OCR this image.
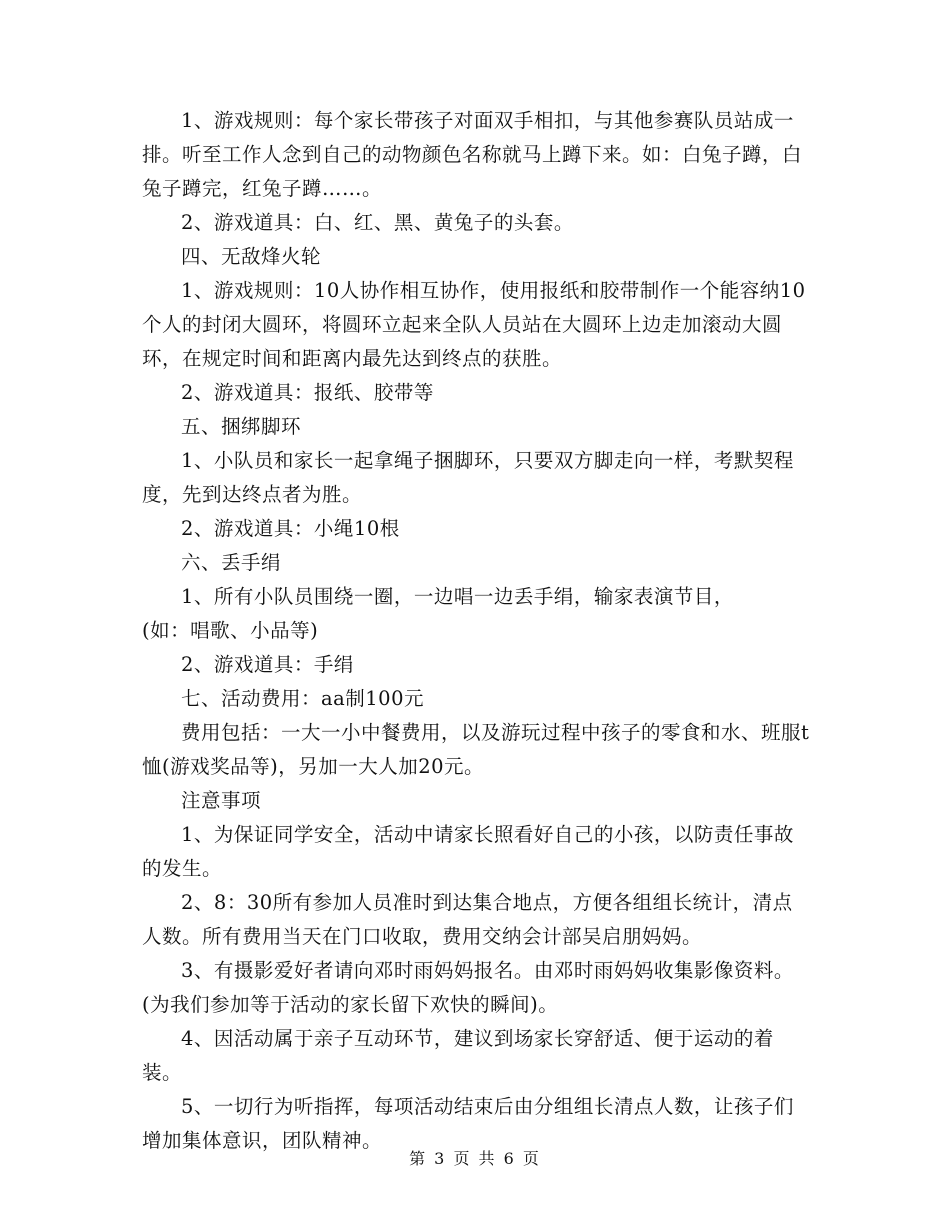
1、游戏规则：每个家长带孩子对面双手相扣，与其他参赛队员站成一排。听至工作人念到自己的动物颜色名称就马上蹲下来。如：白兔子蹲，白兔子蹲完，红兔子蹲……。

2、游戏道具：白、红、黑、黄兔子的头套。

四、无敌烽火轮

1、游戏规则：10人协作相互协作，使用报纸和胶带制作一个能容纳10个人的封闭大圆环，将圆环立起来全队人员站在大圆环上边走加滚动大圆环，在规定时间和距离内最先达到终点的获胜。

2、游戏道具：报纸、胶带等

五、捆绑脚环

1、小队员和家长一起拿绳子捆脚环，只要双方脚走向一样，考默契程度，先到达终点者为胜。

2、游戏道具：小绳10根

六、丢手绢

1、所有小队员围绕一圈，一边唱一边丢手绢，输家表演节目，

(如：唱歌、小品等)

2、游戏道具：手绢

七、活动费用：aa制100元

费用包括：一大一小中餐费用，以及游玩过程中孩子的零食和水、班服t恤(游戏奖品等)，另加一大人加20元。

注意事项

1、为保证同学安全，活动中请家长照看好自己的小孩，以防责任事故的发生。

2、8：30所有参加人员准时到达集合地点，方便各组组长统计，清点人数。所有费用当天在门口收取，费用交纳会计部吴启朋妈妈。

3、有摄影爱好者请向邓时雨妈妈报名。由邓时雨妈妈收集影像资料。(为我们参加等于活动的家长留下欢快的瞬间)。

4、因活动属于亲子互动环节，建议到场家长穿舒适、便于运动的着装。

5、一切行为听指挥，每项活动结束后由分组组长清点人数，让孩子们增加集体意识，团队精神。

第 3 页 共 6 页
